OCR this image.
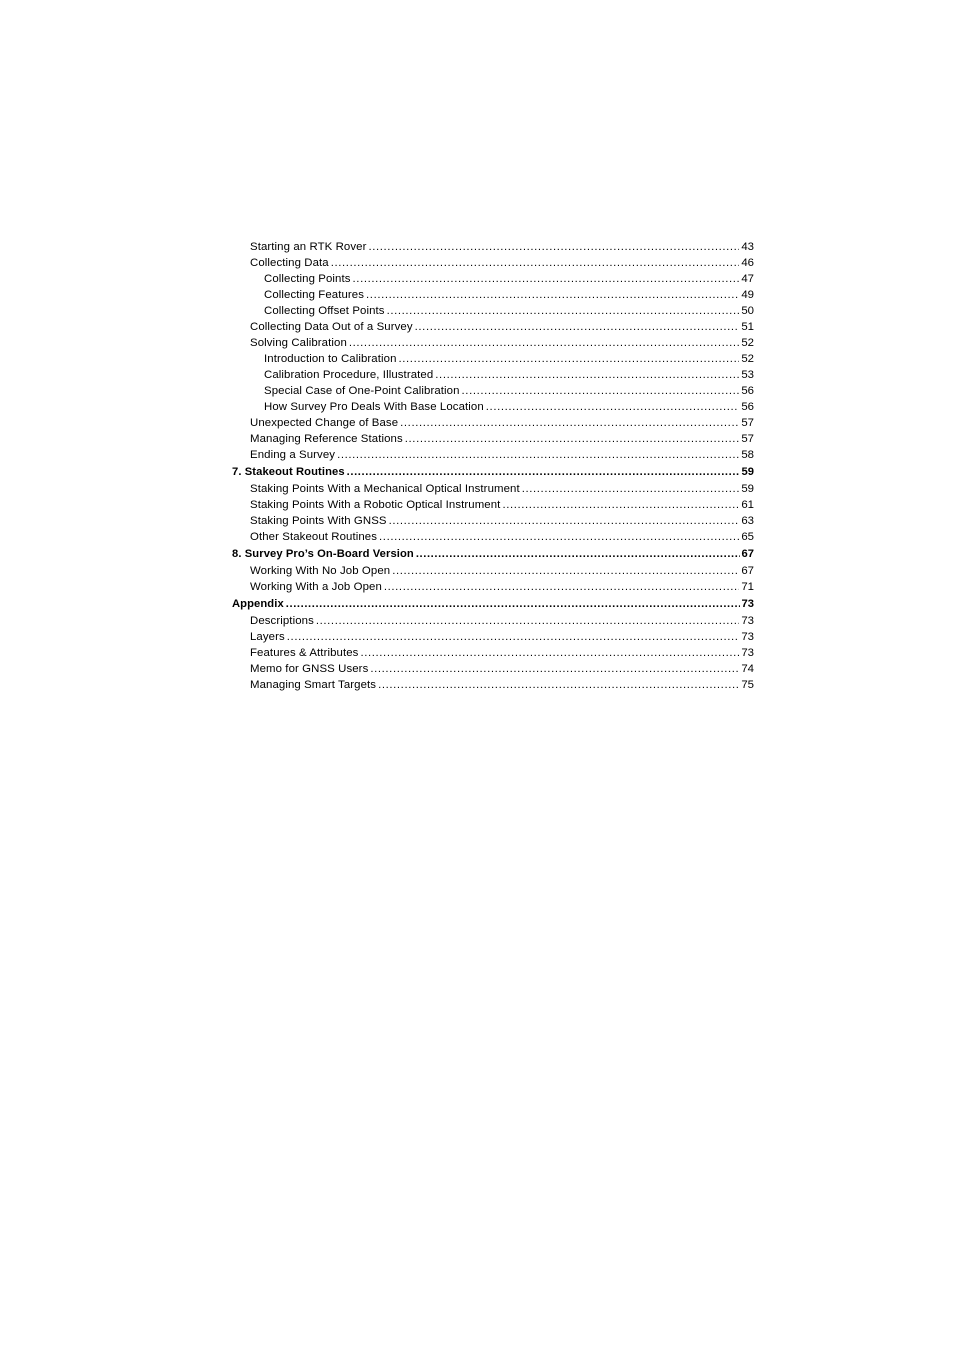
Starting an RTK Rover .....	43
Collecting Data .....	46
Collecting Points .....	47
Collecting Features .....	49
Collecting Offset Points .....	50
Collecting Data Out of a Survey .....	51
Solving Calibration .....	52
Introduction to Calibration .....	52
Calibration Procedure, Illustrated .....	53
Special Case of One-Point Calibration .....	56
How Survey Pro Deals With Base Location .....	56
Unexpected Change of Base .....	57
Managing Reference Stations .....	57
Ending a Survey .....	58
7. Stakeout Routines .....	59
Staking Points With a Mechanical Optical Instrument .....	59
Staking Points With a Robotic Optical Instrument .....	61
Staking Points With GNSS .....	63
Other Stakeout Routines .....	65
8. Survey Pro’s On-Board Version .....	67
Working With No Job Open .....	67
Working With a Job Open .....	71
Appendix .....	73
Descriptions .....	73
Layers .....	73
Features & Attributes .....	73
Memo for GNSS Users .....	74
Managing Smart Targets .....	75
